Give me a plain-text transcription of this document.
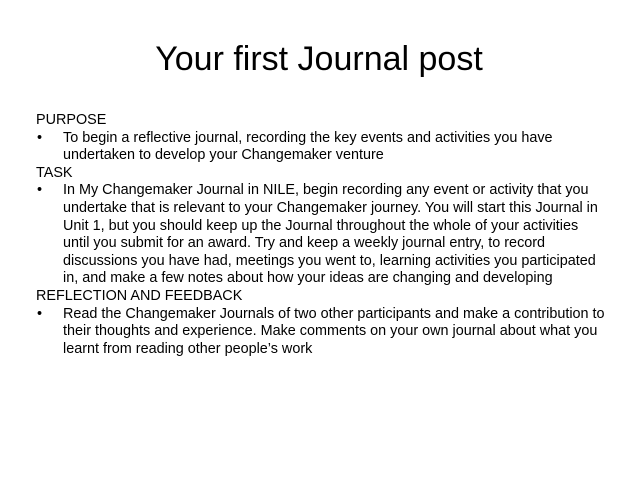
Your first Journal post

PURPOSE

• To begin a reflective journal, recording the key events and activities you have undertaken to develop your Changemaker venture

TASK

• In My Changemaker Journal in NILE, begin recording any event or activity that you undertake that is relevant to your Changemaker journey. You will start this Journal in Unit 1, but you should keep up the Journal throughout the whole of your activities until you submit for an award. Try and keep a weekly journal entry, to record discussions you have had, meetings you went to, learning activities you participated in, and make a few notes about how your ideas are changing and developing

REFLECTION AND FEEDBACK

• Read the Changemaker Journals of two other participants and make a contribution to their thoughts and experience. Make comments on your own journal about what you learnt from reading other people’s work
